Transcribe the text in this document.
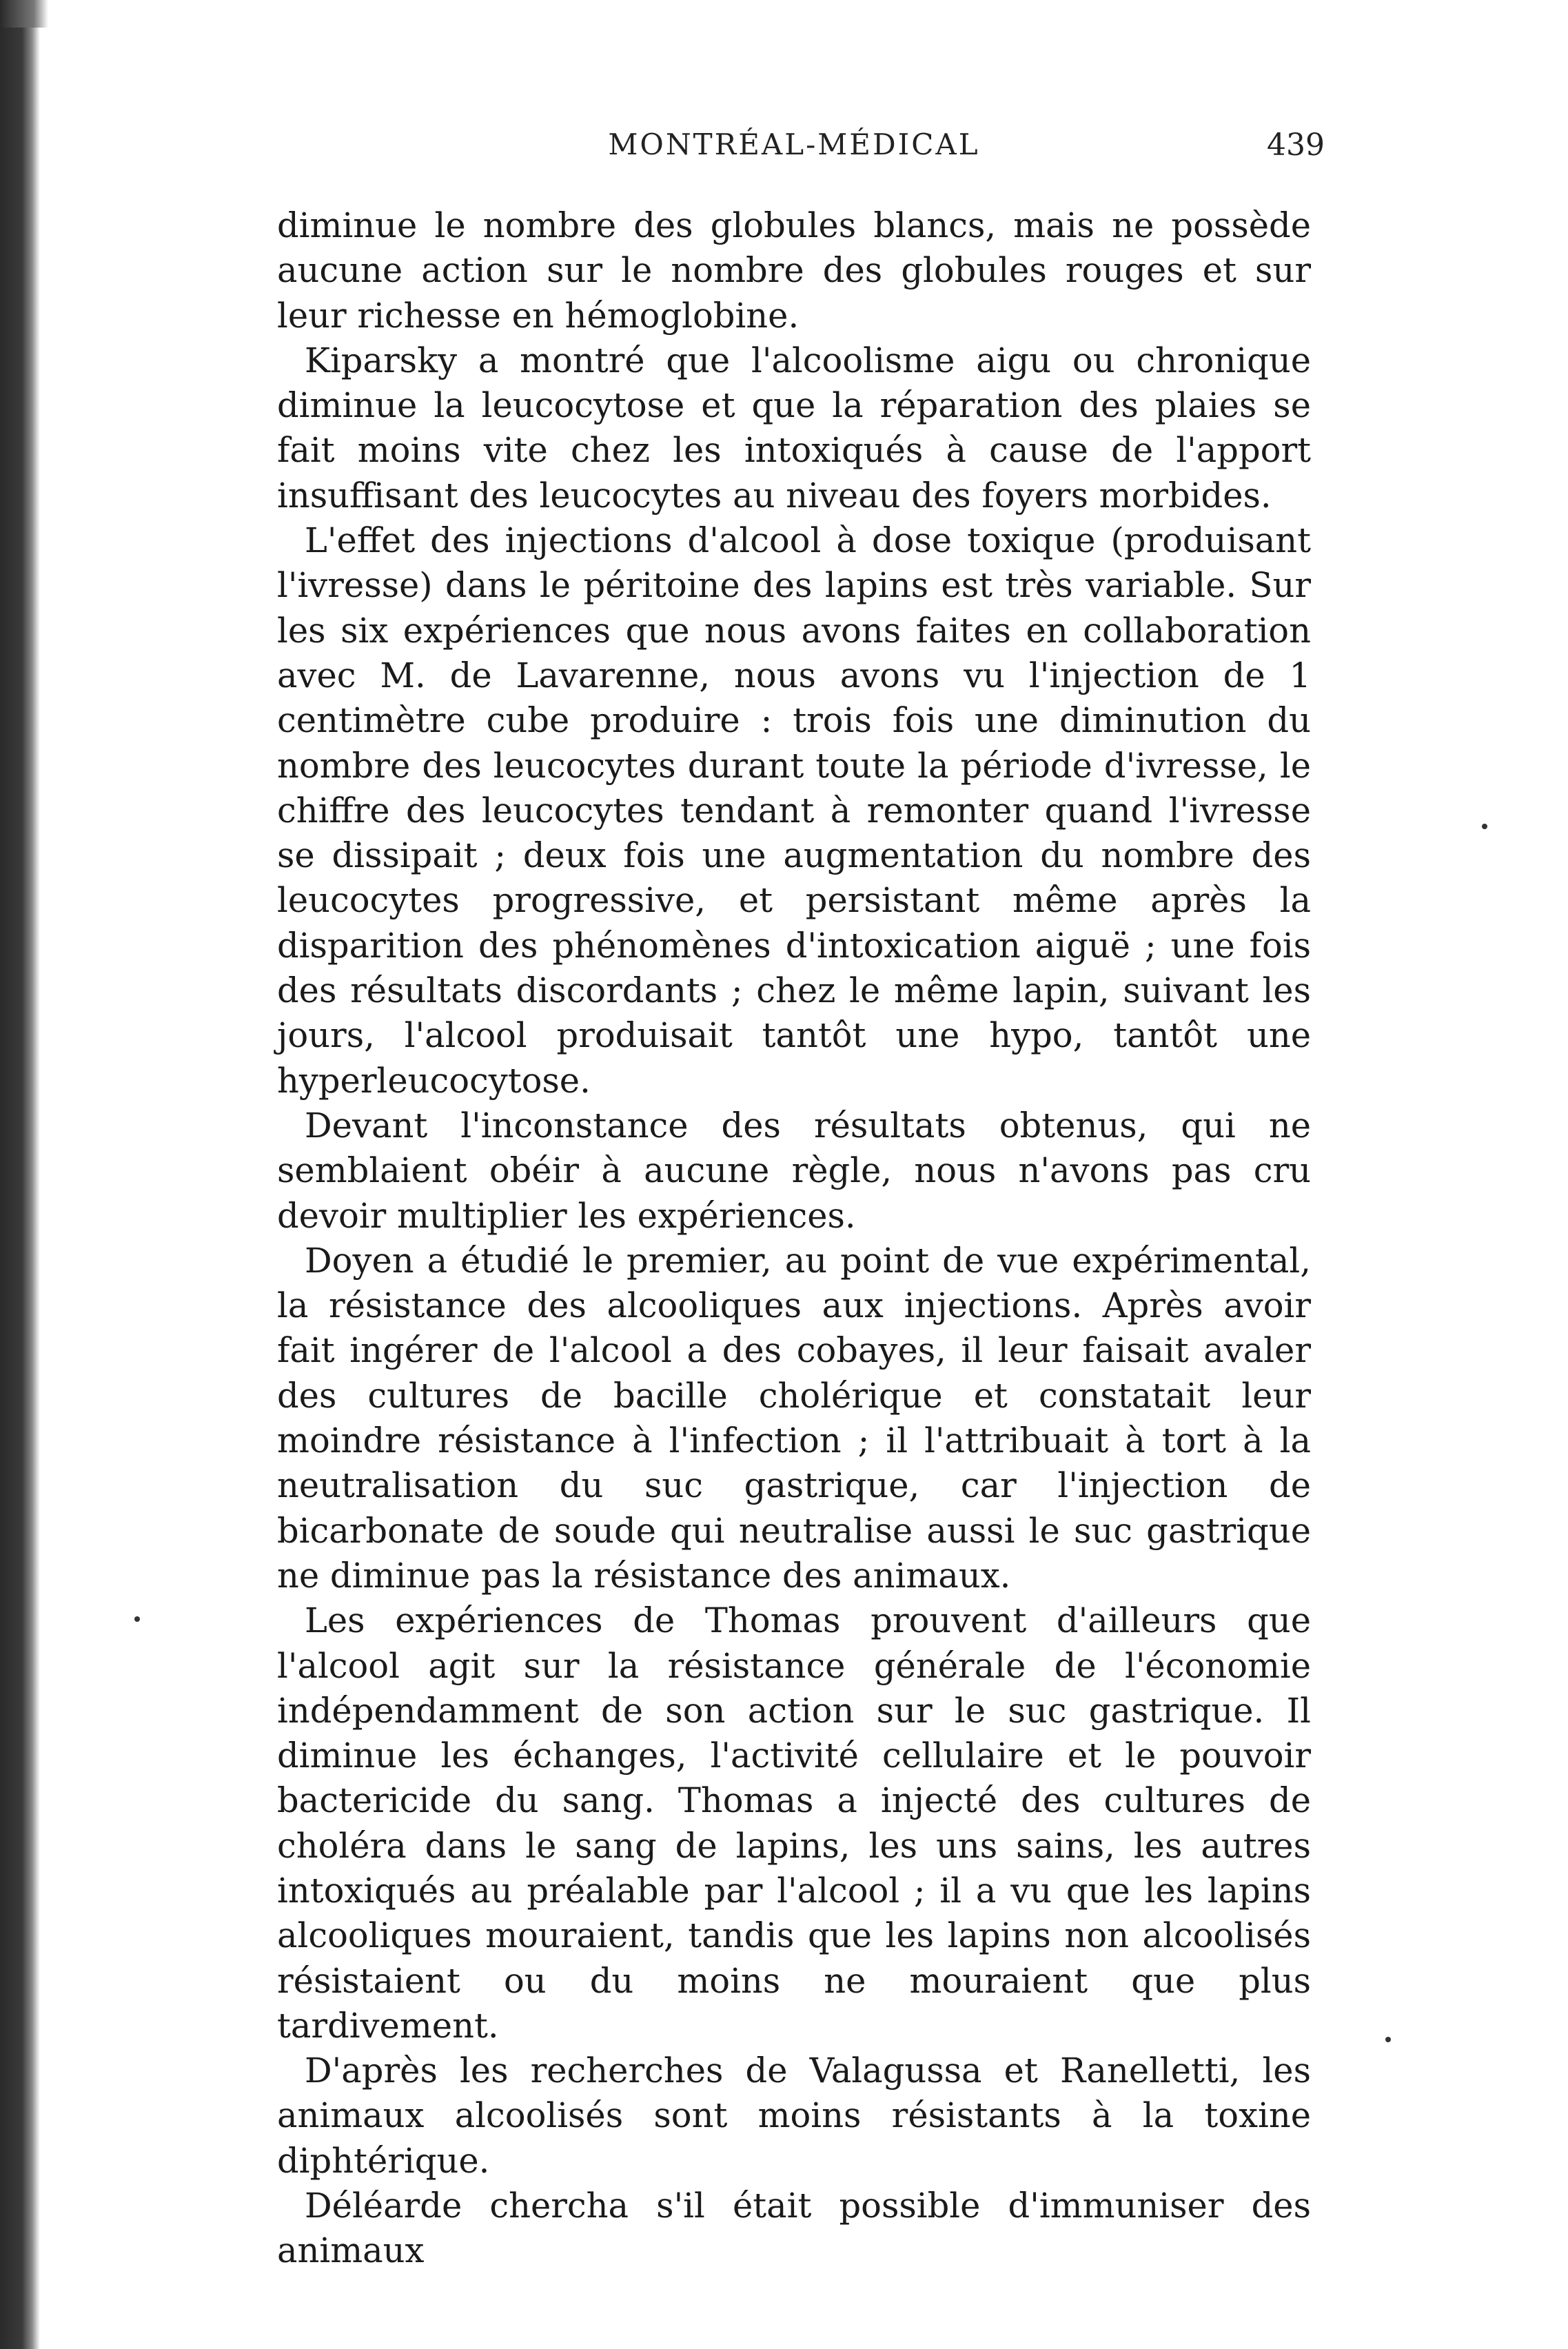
MONTRÉAL-MÉDICAL	439

diminue le nombre des globules blancs, mais ne possède aucune action sur le nombre des globules rouges et sur leur richesse en hémoglobine.

Kiparsky a montré que l'alcoolisme aigu ou chronique diminue la leucocytose et que la réparation des plaies se fait moins vite chez les intoxiqués à cause de l'apport insuffisant des leucocytes au niveau des foyers morbides.

L'effet des injections d'alcool à dose toxique (produisant l'ivresse) dans le péritoine des lapins est très variable. Sur les six expériences que nous avons faites en collaboration avec M. de Lavarenne, nous avons vu l'injection de 1 centimètre cube produire : trois fois une diminution du nombre des leucocytes durant toute la période d'ivresse, le chiffre des leucocytes tendant à remonter quand l'ivresse se dissipait ; deux fois une augmentation du nombre des leucocytes progressive, et persistant même après la disparition des phénomènes d'intoxication aiguë ; une fois des résultats discordants ; chez le même lapin, suivant les jours, l'alcool produisait tantôt une hypo, tantôt une hyperleucocytose.

Devant l'inconstance des résultats obtenus, qui ne semblaient obéir à aucune règle, nous n'avons pas cru devoir multiplier les expériences.

Doyen a étudié le premier, au point de vue expérimental, la résistance des alcooliques aux injections. Après avoir fait ingérer de l'alcool a des cobayes, il leur faisait avaler des cultures de bacille cholérique et constatait leur moindre résistance à l'infection ; il l'attribuait à tort à la neutralisation du suc gastrique, car l'injection de bicarbonate de soude qui neutralise aussi le suc gastrique ne diminue pas la résistance des animaux.

Les expériences de Thomas prouvent d'ailleurs que l'alcool agit sur la résistance générale de l'économie indépendamment de son action sur le suc gastrique. Il diminue les échanges, l'activité cellulaire et le pouvoir bactericide du sang. Thomas a injecté des cultures de choléra dans le sang de lapins, les uns sains, les autres intoxiqués au préalable par l'alcool ; il a vu que les lapins alcooliques mouraient, tandis que les lapins non alcoolisés résistaient ou du moins ne mouraient que plus tardivement.

D'après les recherches de Valagussa et Ranelletti, les animaux alcoolisés sont moins résistants à la toxine diphtérique.

Déléarde chercha s'il était possible d'immuniser des animaux
